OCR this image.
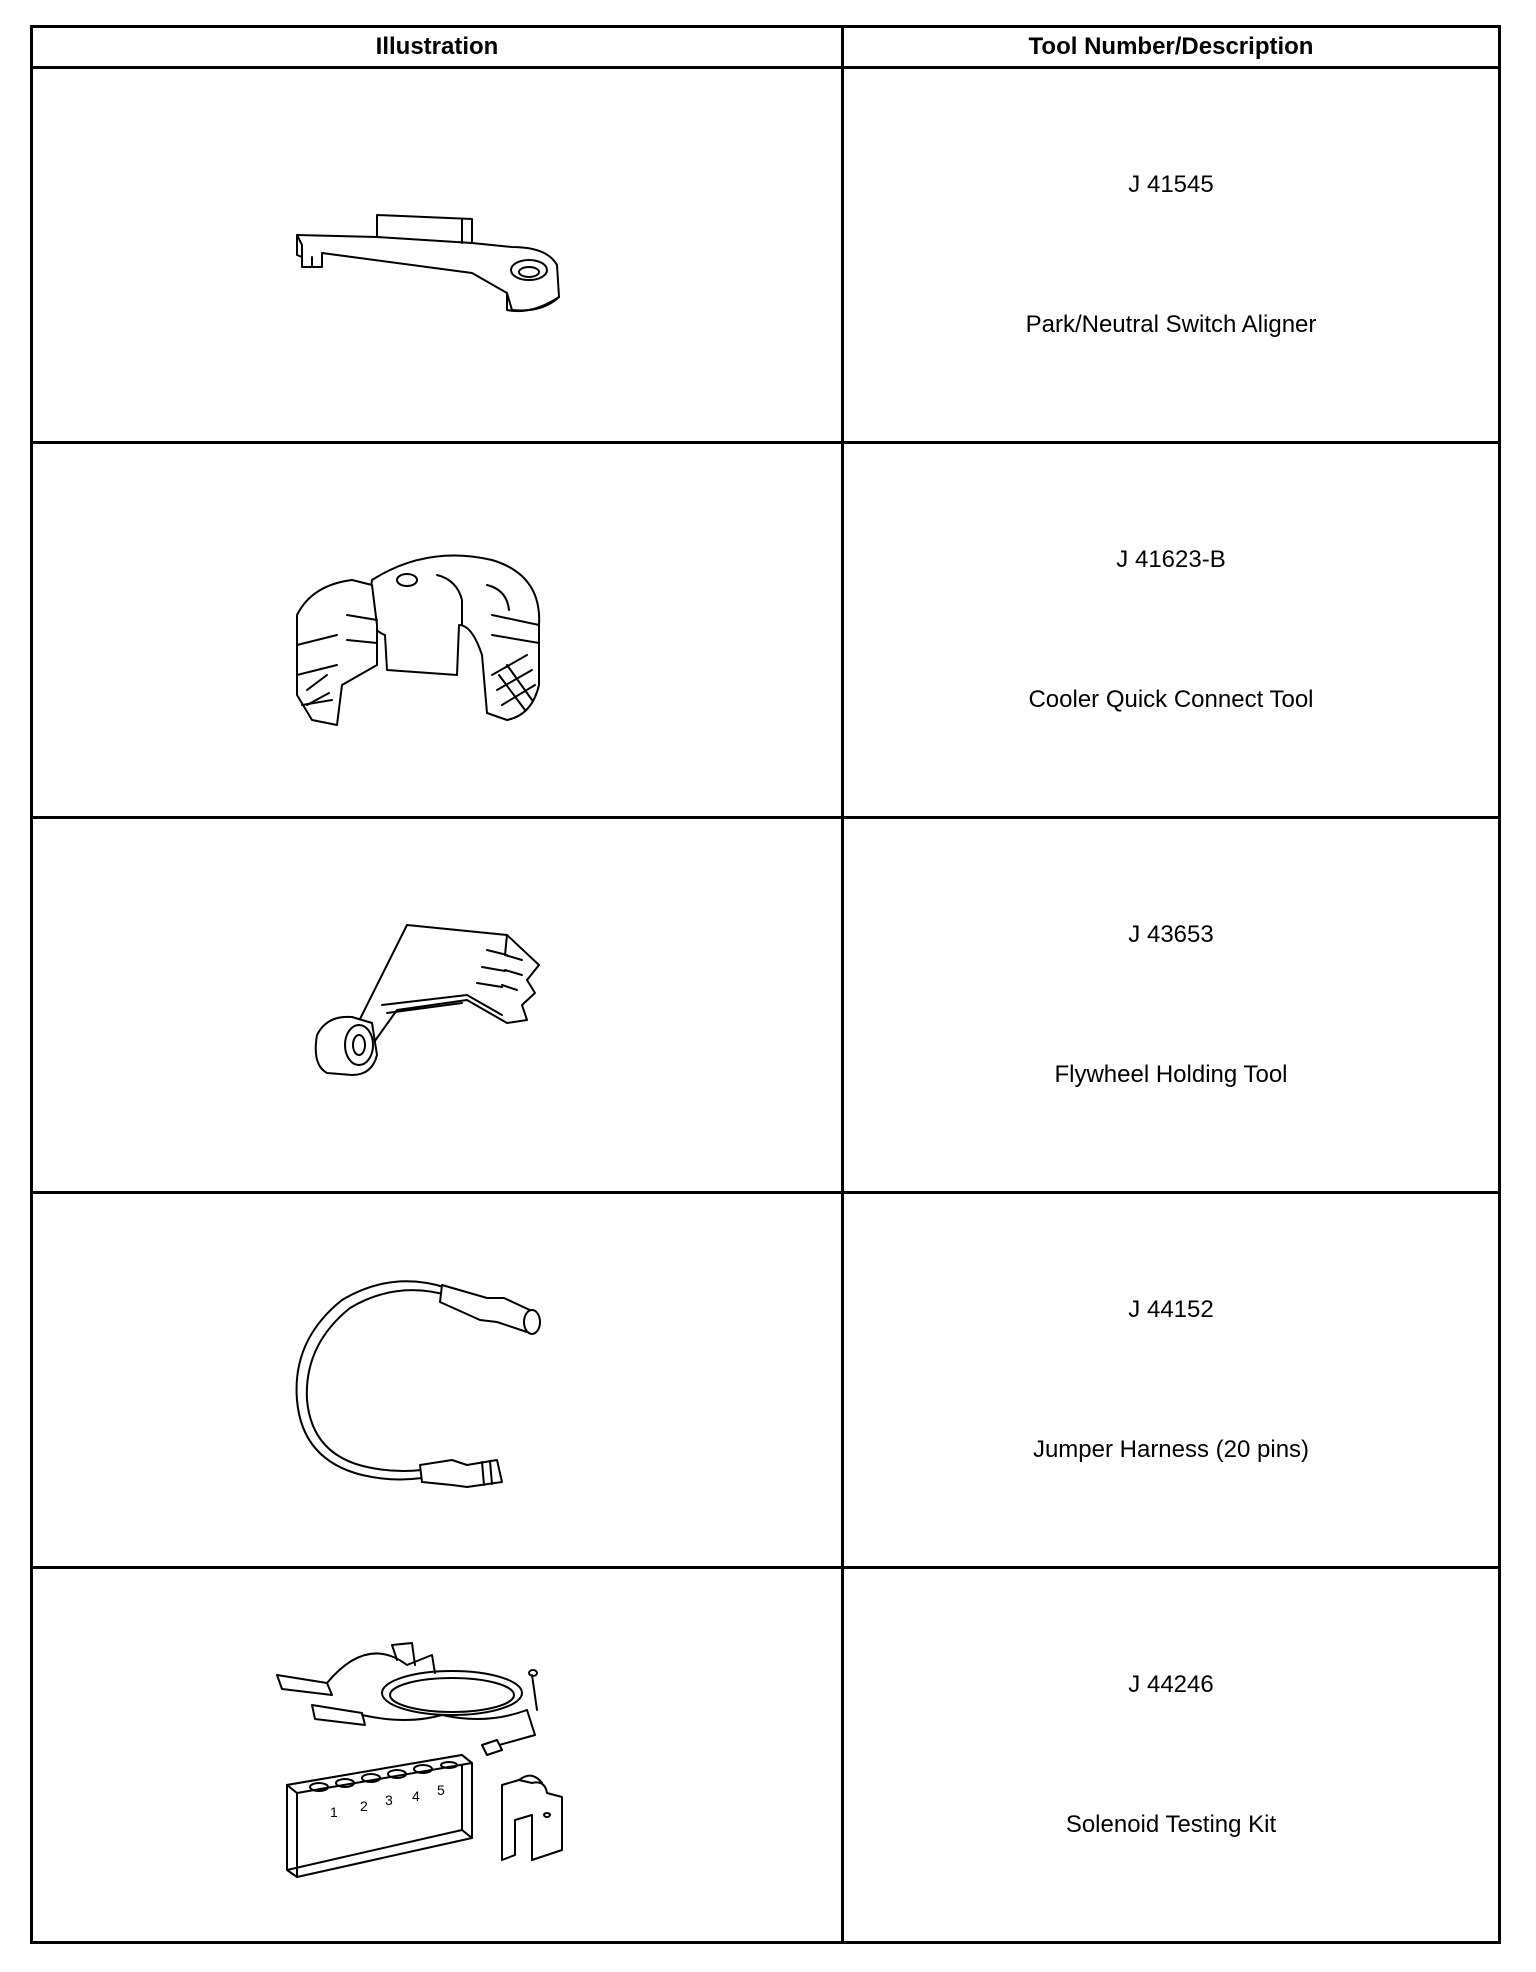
Illustration	Tool Number/Description

J 41545
Park/Neutral Switch Aligner

J 41623-B
Cooler Quick Connect Tool

J 43653
Flywheel Holding Tool

J 44152
Jumper Harness (20 pins)

1 2 3 4 5	J 44246
Solenoid Testing Kit
